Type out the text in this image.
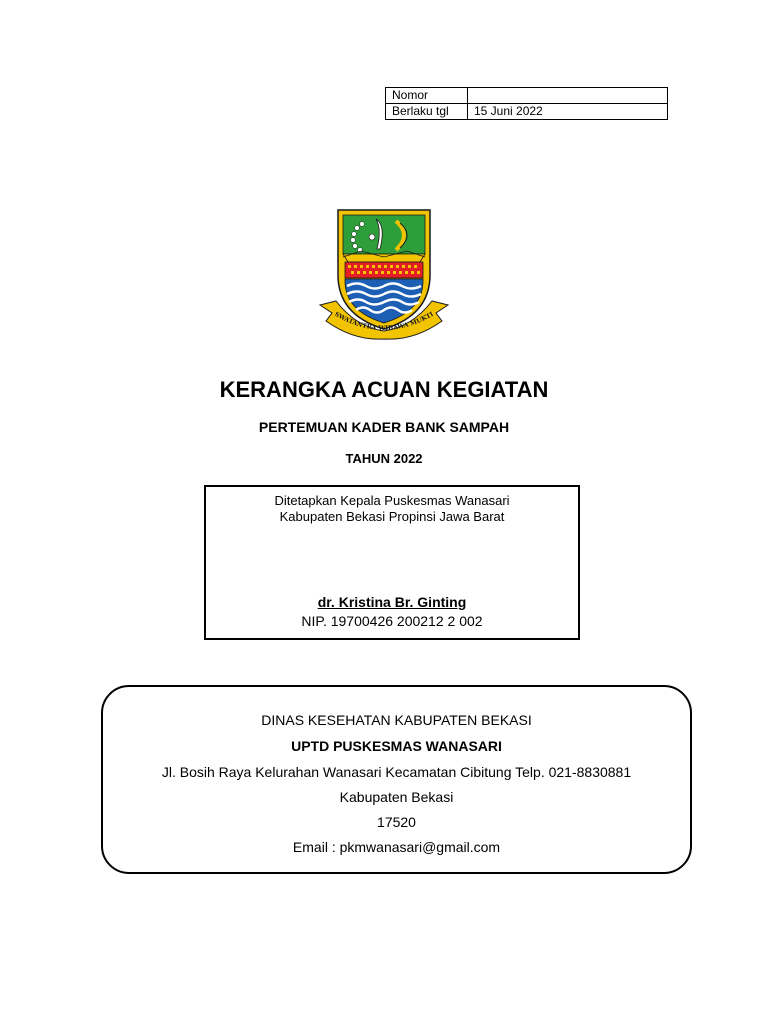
Nomor	
Berlaku tgl	15 Juni 2022
SWATANTRA WIBAWA MUKTI
KERANGKA ACUAN KEGIATAN
PERTEMUAN KADER BANK SAMPAH
TAHUN 2022
Ditetapkan Kepala Puskesmas Wanasari
Kabupaten Bekasi Propinsi Jawa Barat
dr. Kristina Br. Ginting
NIP. 19700426 200212 2 002
DINAS KESEHATAN KABUPATEN BEKASI
UPTD PUSKESMAS WANASARI
Jl. Bosih Raya Kelurahan Wanasari Kecamatan Cibitung Telp. 021-8830881
Kabupaten Bekasi
17520
Email : pkmwanasari@gmail.com
